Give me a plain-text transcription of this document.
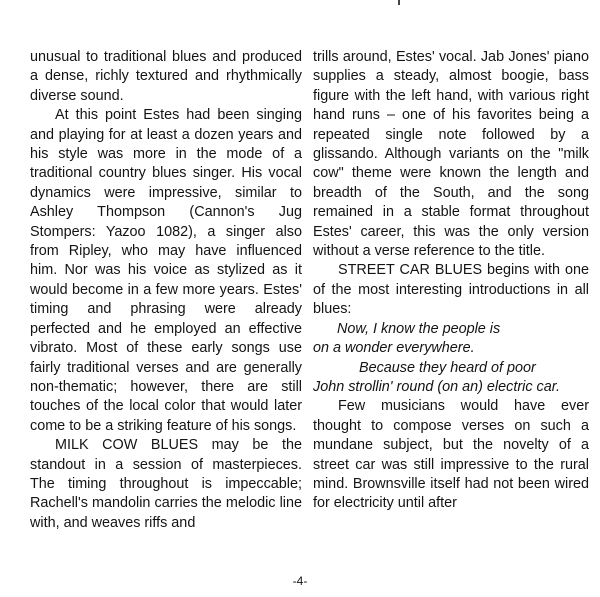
unusual to traditional blues and produced a dense, richly textured and rhythmically diverse sound.

At this point Estes had been singing and playing for at least a dozen years and his style was more in the mode of a traditional country blues singer. His vocal dynamics were impressive, similar to Ashley Thompson (Cannon's Jug Stompers: Yazoo 1082), a singer also from Ripley, who may have influenced him. Nor was his voice as stylized as it would become in a few more years. Estes' timing and phrasing were already perfected and he employed an effective vibrato. Most of these early songs use fairly traditional verses and are generally non-thematic; however, there are still touches of the local color that would later come to be a striking feature of his songs.

MILK COW BLUES may be the standout in a session of masterpieces. The timing throughout is impeccable; Rachell's mandolin carries the melodic line with, and weaves riffs and

trills around, Estes' vocal. Jab Jones' piano supplies a steady, almost boogie, bass figure with the left hand, with various right hand runs – one of his favorites being a repeated single note followed by a glissando. Although variants on the "milk cow" theme were known the length and breadth of the South, and the song remained in a stable format throughout Estes' career, this was the only version without a verse reference to the title.

STREET CAR BLUES begins with one of the most interesting introductions in all blues:

Now, I know the people is

on a wonder everywhere.

Because they heard of poor

John strollin' round (on an) electric car.

Few musicians would have ever thought to compose verses on such a mundane subject, but the novelty of a street car was still impressive to the rural mind. Brownsville itself had not been wired for electricity until after

-4-
